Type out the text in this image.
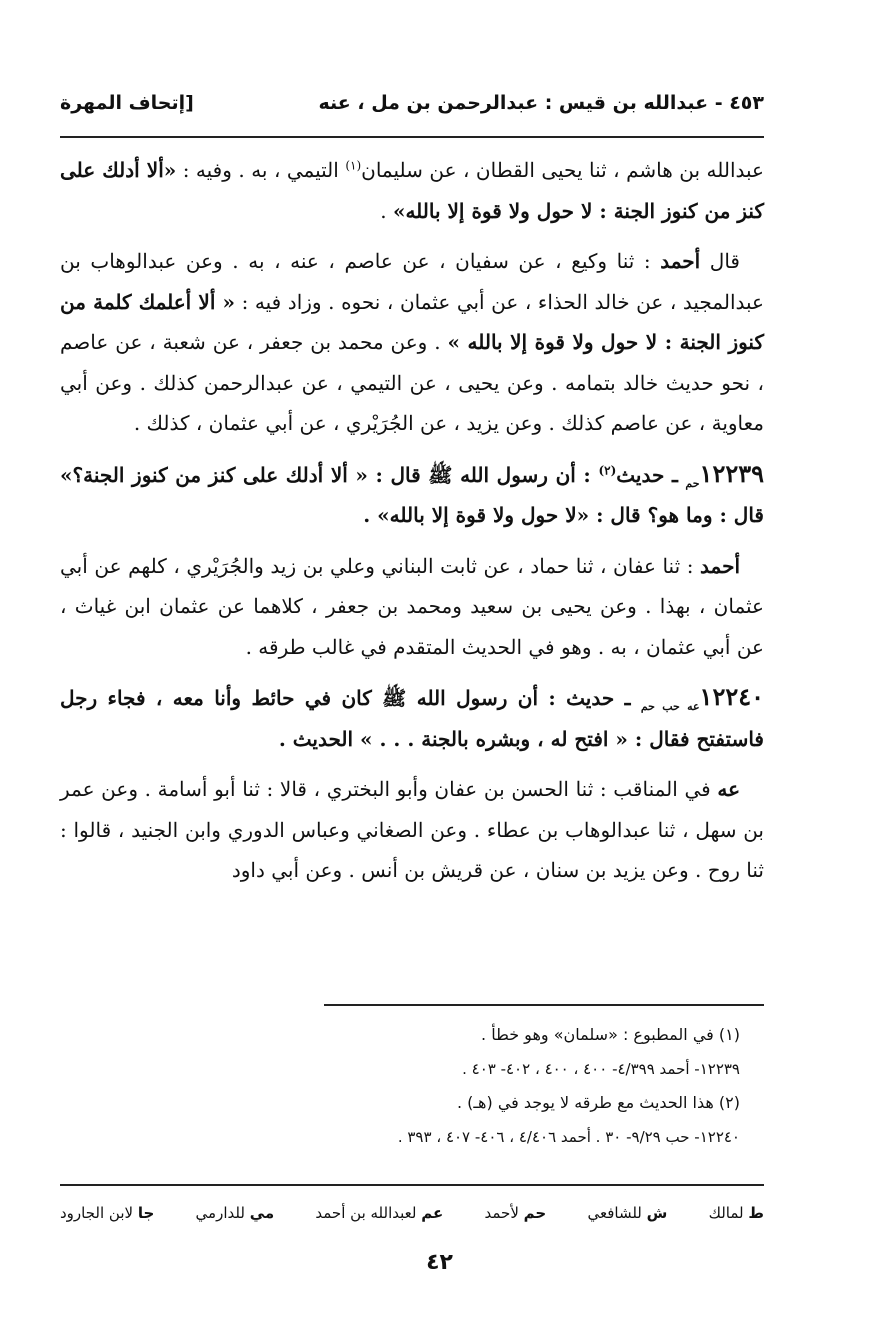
٤٥٣ - عبدالله بن قيس : عبدالرحمن بن مل ، عنه
[إتحاف المهرة

عبدالله بن هاشم ، ثنا يحيى القطان ، عن سليمان$^{(١)}$ التيمي ، به . وفيه : «ألا أدلك على كنز من كنوز الجنة : لا حول ولا قوة إلا بالله» .

قال أحمد : ثنا وكيع ، عن سفيان ، عن عاصم ، عنه ، به . وعن عبدالوهاب بن عبدالمجيد ، عن خالد الحذاء ، عن أبي عثمان ، نحوه . وزاد فيه : « ألا أعلمك كلمة من كنوز الجنة : لا حول ولا قوة إلا بالله » . وعن محمد بن جعفر ، عن شعبة ، عن عاصم ، نحو حديث خالد بتمامه . وعن يحيى ، عن التيمي ، عن عبدالرحمن كذلك . وعن أبي معاوية ، عن عاصم كذلك . وعن يزيد ، عن الجُرَيْري ، عن أبي عثمان ، كذلك .

$١٢٢٣٩_{حم}$ ـ حديث$^{(٢)}$ : أن رسول الله ﷺ قال : « ألا أدلك على كنز من كنوز الجنة؟» قال : وما هو؟ قال : «لا حول ولا قوة إلا بالله» .

أحمد : ثنا عفان ، ثنا حماد ، عن ثابت البناني وعلي بن زيد والجُرَيْري ، كلهم عن أبي عثمان ، بهذا . وعن يحيى بن سعيد ومحمد بن جعفر ، كلاهما عن عثمان ابن غياث ، عن أبي عثمان ، به . وهو في الحديث المتقدم في غالب طرقه .

$١٢٢٤٠_{عه حب حم}$ ـ حديث : أن رسول الله ﷺ كان في حائط وأنا معه ، فجاء رجل فاستفتح فقال : « افتح له ، وبشره بالجنة . . . » الحديث .

عه في المناقب : ثنا الحسن بن عفان وأبو البختري ، قالا : ثنا أبو أسامة . وعن عمر بن سهل ، ثنا عبدالوهاب بن عطاء . وعن الصغاني وعباس الدوري وابن الجنيد ، قالوا : ثنا روح . وعن يزيد بن سنان ، عن قريش بن أنس . وعن أبي داود

(١) في المطبوع : «سلمان» وهو خطأ .

١٢٢٣٩- أحمد ٤/٣٩٩- ٤٠٠ ، ٤٠٠ ، ٤٠٢- ٤٠٣ .

(٢) هذا الحديث مع طرقه لا يوجد في (هـ) .

١٢٢٤٠- حب ٩/٢٩- ٣٠ . أحمد ٤/٤٠٦ ، ٤٠٦- ٤٠٧ ، ٣٩٣ .

ط لمالك
ش للشافعي
حم لأحمد
عم لعبدالله بن أحمد
مي للدارمي
جا لابن الجارود
٤٢
